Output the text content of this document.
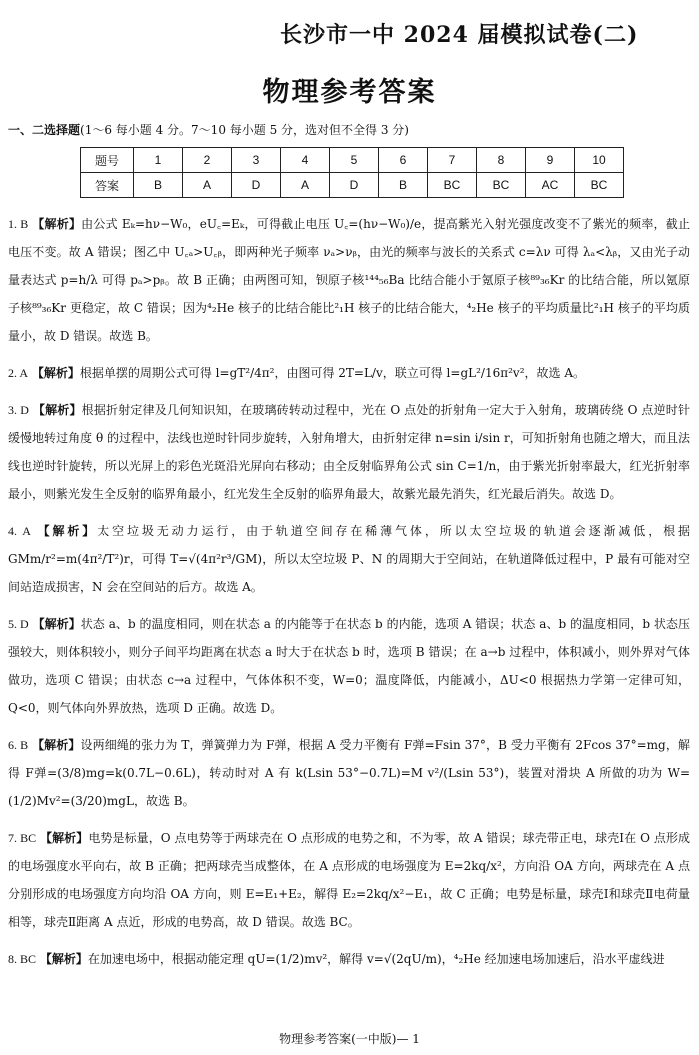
长沙市一中 2024 届模拟试卷(二)
物理参考答案
一、二选择题(1～6 每小题 4 分。7～10 每小题 5 分，选对但不全得 3 分)
题号	1	2	3	4	5	6	7	8	9	10
答案	B	A	D	A	D	B	BC	BC	AC	BC

1. B 【解析】由公式 Eₖ=hν−W₀，eU꜀=Eₖ，可得截止电压 U꜀=(hν−W₀)/e，提高紫光入射光强度改变不了紫光的频率，截止电压不变。故 A 错误；图乙中 U꜀ₐ>U꜀ᵦ，即两种光子频率 νₐ>νᵦ，由光的频率与波长的关系式 c=λν 可得 λₐ<λᵦ，又由光子动量表达式 p=h/λ 可得 pₐ>pᵦ。故 B 正确；由两图可知，钡原子核¹⁴⁴₅₆Ba 比结合能小于氪原子核⁸⁹₃₆Kr 的比结合能，所以氪原子核⁸⁹₃₆Kr 更稳定，故 C 错误；因为⁴₂He 核子的比结合能比²₁H 核子的比结合能大，⁴₂He 核子的平均质量比²₁H 核子的平均质量小，故 D 错误。故选 B。

2. A 【解析】根据单摆的周期公式可得 l=gT²/4π²，由图可得 2T=L/v，联立可得 l=gL²/16π²v²，故选 A。

3. D 【解析】根据折射定律及几何知识知，在玻璃砖转动过程中，光在 O 点处的折射角一定大于入射角，玻璃砖绕 O 点逆时针缓慢地转过角度 θ 的过程中，法线也逆时针同步旋转，入射角增大，由折射定律 n=sin i/sin r，可知折射角也随之增大，而且法线也逆时针旋转，所以光屏上的彩色光斑沿光屏向右移动；由全反射临界角公式 sin C=1/n，由于紫光折射率最大，红光折射率最小，则紫光发生全反射的临界角最小，红光发生全反射的临界角最大，故紫光最先消失，红光最后消失。故选 D。

4. A 【解析】太空垃圾无动力运行，由于轨道空间存在稀薄气体，所以太空垃圾的轨道会逐渐减低，根据 GMm/r²=m(4π²/T²)r，可得 T=√(4π²r³/GM)，所以太空垃圾 P、N 的周期大于空间站，在轨道降低过程中，P 最有可能对空间站造成损害，N 会在空间站的后方。故选 A。

5. D 【解析】状态 a、b 的温度相同，则在状态 a 的内能等于在状态 b 的内能，选项 A 错误；状态 a、b 的温度相同，b 状态压强较大，则体积较小，则分子间平均距离在状态 a 时大于在状态 b 时，选项 B 错误；在 a→b 过程中，体积减小，则外界对气体做功，选项 C 错误；由状态 c→a 过程中，气体体积不变，W=0；温度降低，内能减小，ΔU<0 根据热力学第一定律可知，Q<0，则气体向外界放热，选项 D 正确。故选 D。

6. B 【解析】设两细绳的张力为 T，弹簧弹力为 F弹，根据 A 受力平衡有 F弹=Fsin 37°，B 受力平衡有 2Fcos 37°=mg，解得 F弹=(3/8)mg=k(0.7L−0.6L)，转动时对 A 有 k(Lsin 53°−0.7L)=M v²/(Lsin 53°)，装置对滑块 A 所做的功为 W=(1/2)Mv²=(3/20)mgL，故选 B。

7. BC 【解析】电势是标量，O 点电势等于两球壳在 O 点形成的电势之和，不为零，故 A 错误；球壳带正电，球壳Ⅰ在 O 点形成的电场强度水平向右，故 B 正确；把两球壳当成整体，在 A 点形成的电场强度为 E=2kq/x²，方向沿 OA 方向，两球壳在 A 点分别形成的电场强度方向均沿 OA 方向，则 E=E₁+E₂，解得 E₂=2kq/x²−E₁，故 C 正确；电势是标量，球壳Ⅰ和球壳Ⅱ电荷量相等，球壳Ⅱ距离 A 点近，形成的电势高，故 D 错误。故选 BC。

8. BC 【解析】在加速电场中，根据动能定理 qU=(1/2)mv²，解得 v=√(2qU/m)，⁴₂He 经加速电场加速后，沿水平虚线进

物理参考答案(一中版)— 1
